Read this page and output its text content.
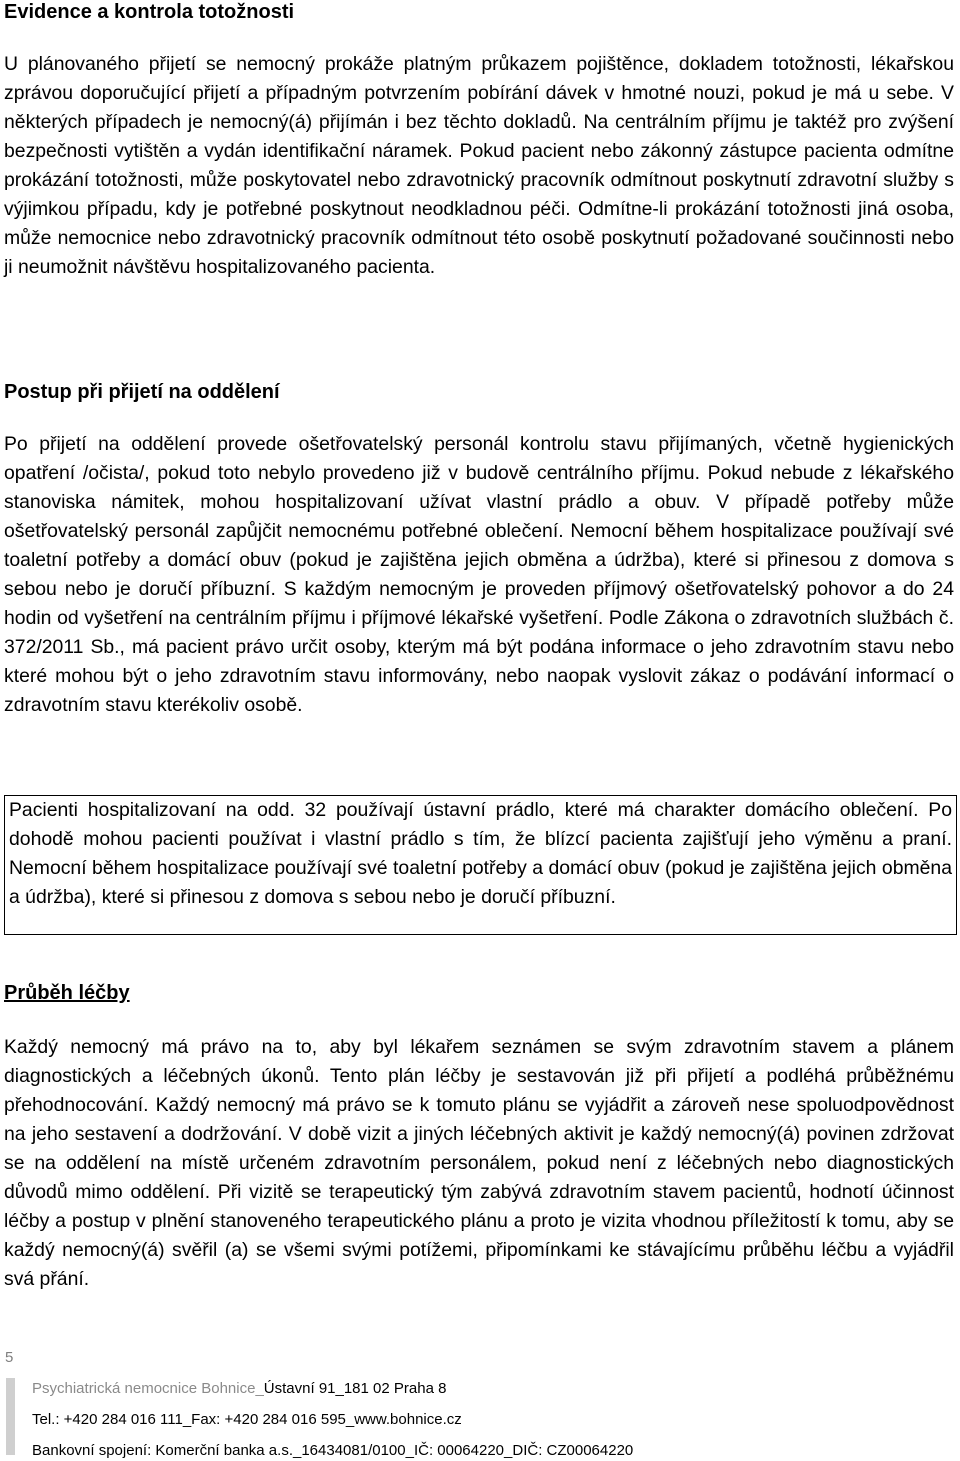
Evidence a kontrola totožnosti

U plánovaného přijetí se nemocný prokáže platným průkazem pojištěnce, dokladem totožnosti, lékařskou zprávou doporučující přijetí a případným potvrzením pobírání dávek v hmotné nouzi, pokud je má u sebe. V některých případech je nemocný(á) přijímán i bez těchto dokladů. Na centrálním příjmu je taktéž pro zvýšení bezpečnosti vytištěn a vydán identifikační náramek. Pokud pacient nebo zákonný zástupce pacienta odmítne prokázání totožnosti, může poskytovatel nebo zdravotnický pracovník odmítnout poskytnutí zdravotní služby s výjimkou případu, kdy je potřebné poskytnout neodkladnou péči. Odmítne-li prokázání totožnosti jiná osoba, může nemocnice nebo zdravotnický pracovník odmítnout této osobě poskytnutí požadované součinnosti nebo ji neumožnit návštěvu hospitalizovaného pacienta.

Postup při přijetí na oddělení

Po přijetí na oddělení provede ošetřovatelský personál kontrolu stavu přijímaných, včetně hygienických opatření /očista/, pokud toto nebylo provedeno již v budově centrálního příjmu. Pokud nebude z lékařského stanoviska námitek, mohou hospitalizovaní užívat vlastní prádlo a obuv. V případě potřeby může ošetřovatelský personál zapůjčit nemocnému potřebné oblečení. Nemocní během hospitalizace používají své toaletní potřeby a domácí obuv (pokud je zajištěna jejich obměna a údržba), které si přinesou z domova s sebou nebo je doručí příbuzní. S každým nemocným je proveden příjmový ošetřovatelský pohovor a do 24 hodin od vyšetření na centrálním příjmu i příjmové lékařské vyšetření. Podle Zákona o zdravotních službách č. 372/2011 Sb., má pacient právo určit osoby, kterým má být podána informace o jeho zdravotním stavu nebo které mohou být o jeho zdravotním stavu informovány, nebo naopak vyslovit zákaz o podávání informací o zdravotním stavu kterékoliv osobě.

Pacienti hospitalizovaní na odd. 32 používají ústavní prádlo, které má charakter domácího oblečení. Po dohodě mohou pacienti používat i vlastní prádlo s tím, že blízcí pacienta zajišťují jeho výměnu a praní. Nemocní během hospitalizace používají své toaletní potřeby a domácí obuv (pokud je zajištěna jejich obměna a údržba), které si přinesou z domova s sebou nebo je doručí příbuzní.

Průběh léčby

Každý nemocný má právo na to, aby byl lékařem seznámen se svým zdravotním stavem a plánem diagnostických a léčebných úkonů. Tento plán léčby je sestavován již při přijetí a podléhá průběžnému přehodnocování. Každý nemocný má právo se k tomuto plánu se vyjádřit a zároveň nese spoluodpovědnost na jeho sestavení a dodržování. V době vizit a jiných léčebných aktivit je každý nemocný(á) povinen zdržovat se na oddělení na místě určeném zdravotním personálem, pokud není z léčebných nebo diagnostických důvodů mimo oddělení. Při vizitě se terapeutický tým zabývá zdravotním stavem pacientů, hodnotí účinnost léčby a postup v plnění stanoveného terapeutického plánu a proto je vizita vhodnou příležitostí k tomu, aby se každý nemocný(á) svěřil (a) se všemi svými potížemi, připomínkami ke stávajícímu průběhu léčbu a vyjádřil svá přání.

5
Psychiatrická nemocnice Bohnice_Ústavní 91_181 02 Praha 8
Tel.: +420 284 016 111_Fax: +420 284 016 595_www.bohnice.cz
Bankovní spojení: Komerční banka a.s._16434081/0100_IČ: 00064220_DIČ: CZ00064220
